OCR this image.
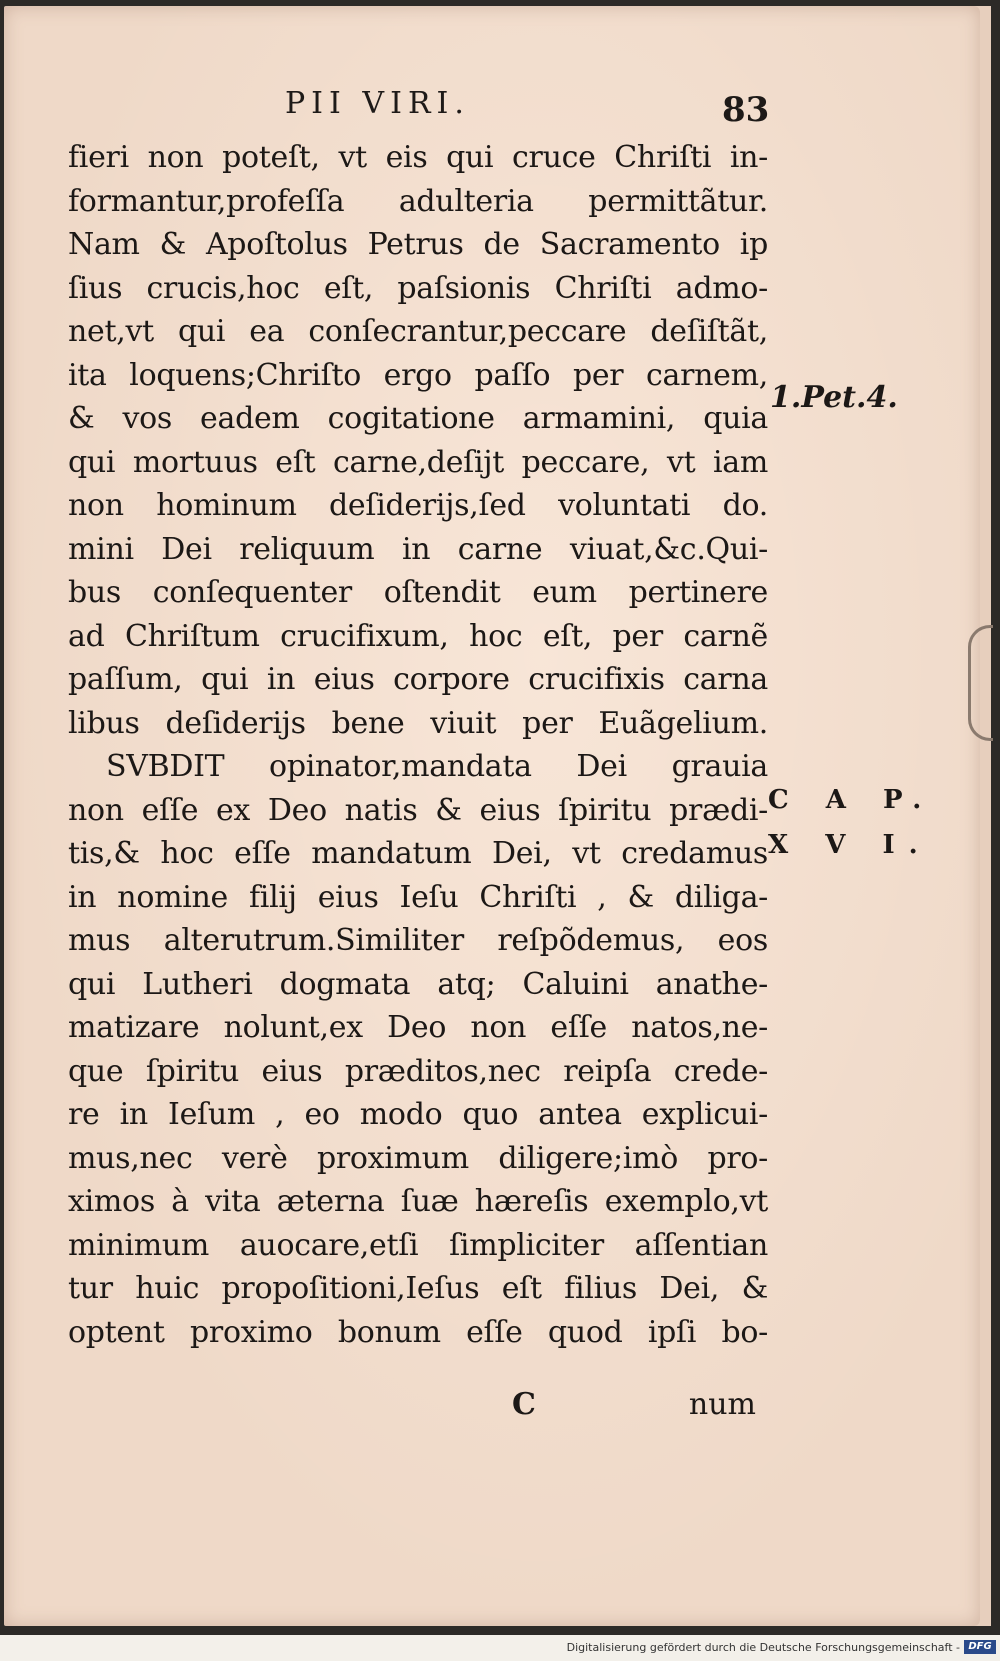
PII VIRI.	83
fieri non poteſt, vt eis qui cruce Chriſti in-
formantur,profeſſa adulteria permittãtur.
Nam & Apoſtolus Petrus de Sacramento ip
ſius crucis,hoc eſt, paſsionis Chriſti admo-
net,vt qui ea conſecrantur,peccare deſiſtãt,
ita loquens;Chriſto ergo paſſo per carnem,
& vos eadem cogitatione armamini, quia
qui mortuus eſt carne,deſijt peccare, vt iam
non hominum deſiderijs,ſed voluntati do.
mini Dei reliquum in carne viuat,&c.Qui-
bus conſequenter oſtendit eum pertinere
ad Chriſtum crucifixum, hoc eſt, per carnẽ
paſſum, qui in eius corpore crucifixis carna
libus deſiderijs bene viuit per Euãgelium.
SVBDIT opinator,mandata Dei grauia
non eſſe ex Deo natis & eius ſpiritu prædi-
tis,& hoc eſſe mandatum Dei, vt credamus
in nomine filij eius Ieſu Chriſti , & diliga-
mus alterutrum.Similiter reſpõdemus, eos
qui Lutheri dogmata atq; Caluini anathe-
matizare nolunt,ex Deo non eſſe natos,ne-
que ſpiritu eius præditos,nec reipſa crede-
re in Ieſum , eo modo quo antea explicui-
mus,nec verè proximum diligere;imò pro-
ximos à vita æterna ſuæ hæreſis exemplo,vt
minimum auocare,etſi ſimpliciter aſſentian
tur huic propoſitioni,Ieſus eſt filius Dei, &
optent proximo bonum eſſe quod ipſi bo-
C	num
1.Pet.4.
C A P.
X V I.
Digitalisierung gefördert durch die Deutsche Forschungsgemeinschaft - DFG
